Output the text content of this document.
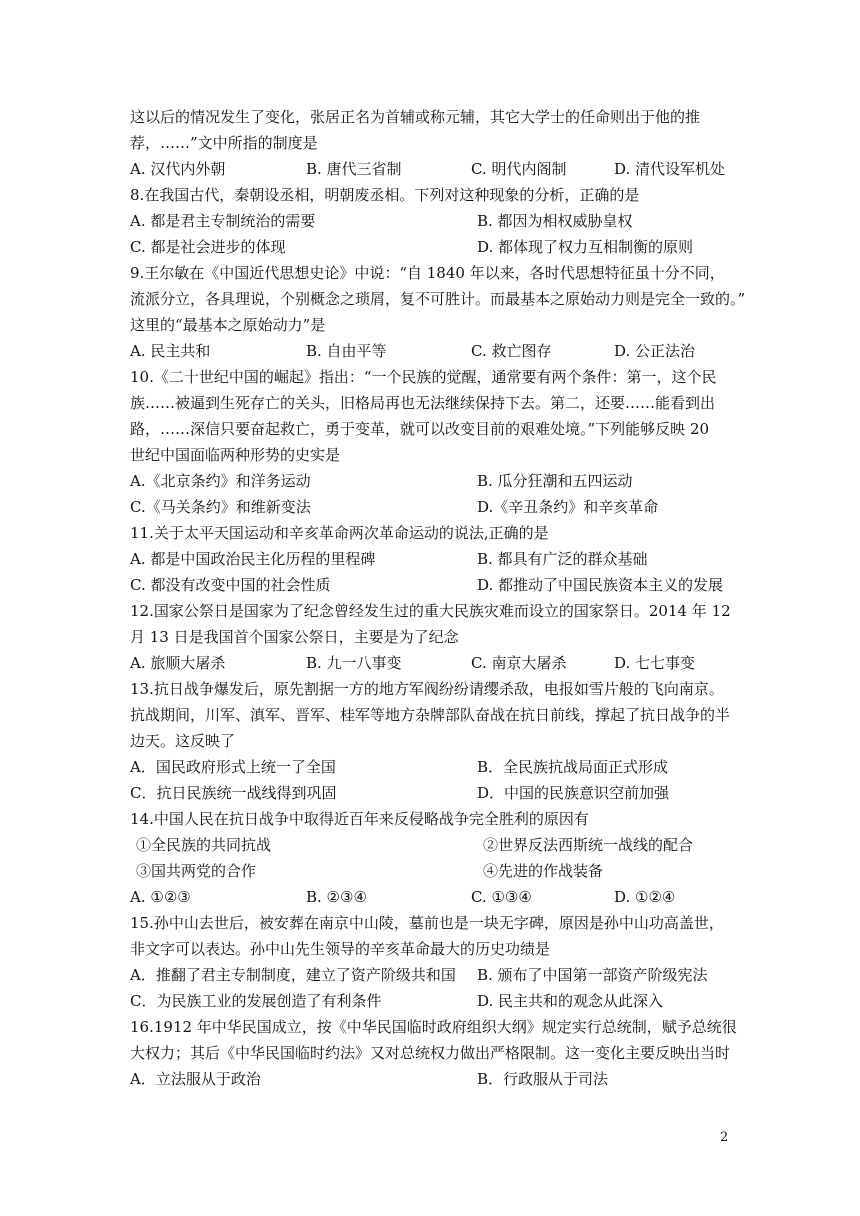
这以后的情况发生了变化，张居正名为首辅或称元辅，其它大学士的任命则出于他的推
荐，……”文中所指的制度是
A. 汉代内外朝	B. 唐代三省制	C. 明代内阁制	D. 清代设军机处
8.在我国古代，秦朝设丞相，明朝废丞相。下列对这种现象的分析，正确的是
A. 都是君主专制统治的需要	B. 都因为相权威胁皇权
C. 都是社会进步的体现	D. 都体现了权力互相制衡的原则
9.王尔敏在《中国近代思想史论》中说：“自 1840 年以来，各时代思想特征虽十分不同，
流派分立，各具理说，个别概念之琐屑，复不可胜计。而最基本之原始动力则是完全一致的。”
这里的“最基本之原始动力”是
A. 民主共和	B. 自由平等	C. 救亡图存	D. 公正法治
10.《二十世纪中国的崛起》指出：“一个民族的觉醒，通常要有两个条件：第一，这个民
族……被逼到生死存亡的关头，旧格局再也无法继续保持下去。第二，还要……能看到出
路，……深信只要奋起救亡，勇于变革，就可以改变目前的艰难处境。”下列能够反映 20
世纪中国面临两种形势的史实是
A.《北京条约》和洋务运动	B. 瓜分狂潮和五四运动
C.《马关条约》和维新变法	D.《辛丑条约》和辛亥革命
11.关于太平天国运动和辛亥革命两次革命运动的说法,正确的是
A. 都是中国政治民主化历程的里程碑	B. 都具有广泛的群众基础
C. 都没有改变中国的社会性质	D. 都推动了中国民族资本主义的发展
12.国家公祭日是国家为了纪念曾经发生过的重大民族灾难而设立的国家祭日。2014 年 12
月 13 日是我国首个国家公祭日，主要是为了纪念
A. 旅顺大屠杀	B. 九一八事变	C. 南京大屠杀	D. 七七事变
13.抗日战争爆发后，原先割据一方的地方军阀纷纷请缨杀敌，电报如雪片般的飞向南京。
抗战期间，川军、滇军、晋军、桂军等地方杂牌部队奋战在抗日前线，撑起了抗日战争的半
边天。这反映了
A．国民政府形式上统一了全国	B．全民族抗战局面正式形成
C．抗日民族统一战线得到巩固	D．中国的民族意识空前加强
14.中国人民在抗日战争中取得近百年来反侵略战争完全胜利的原因有
①全民族的共同抗战	②世界反法西斯统一战线的配合
③国共两党的合作	④先进的作战装备
A. ①②③	B. ②③④	C. ①③④	D. ①②④
15.孙中山去世后，被安葬在南京中山陵，墓前也是一块无字碑，原因是孙中山功高盖世，
非文字可以表达。孙中山先生领导的辛亥革命最大的历史功绩是
A．推翻了君主专制制度，建立了资产阶级共和国	B. 颁布了中国第一部资产阶级宪法
C．为民族工业的发展创造了有利条件	D. 民主共和的观念从此深入
16.1912 年中华民国成立，按《中华民国临时政府组织大纲》规定实行总统制，赋予总统很
大权力；其后《中华民国临时约法》又对总统权力做出严格限制。这一变化主要反映出当时
A．立法服从于政治	B．行政服从于司法
2
